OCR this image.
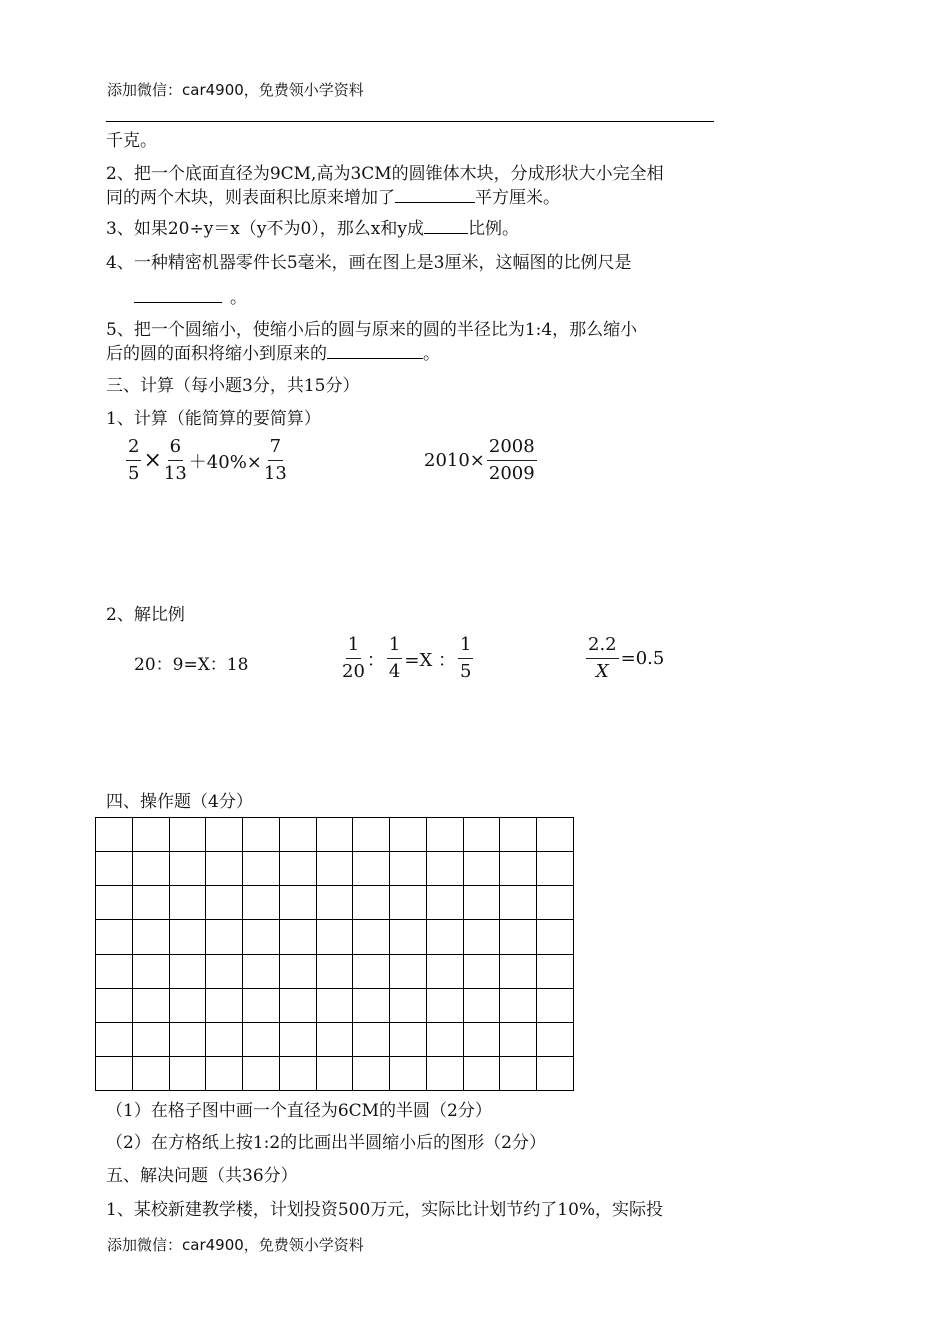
添加微信：car4900，免费领小学资料
千克。
2、把一个底面直径为9CM,高为3CM的圆锥体木块，分成形状大小完全相
同的两个木块，则表面积比原来增加了	平方厘米。
3、如果20÷y＝x（y不为0），那么x和y成	比例。
4、一种精密机器零件长5毫米，画在图上是3厘米，这幅图的比例尺是
。
5、把一个圆缩小，使缩小后的圆与原来的圆的半径比为1:4，那么缩小
后的圆的面积将缩小到原来的	。
三、计算（每小题3分，共15分）
1、计算（能简算的要简算）
$\frac{2}{5} \times \frac{6}{13} +40\%\times \frac{7}{13}$	$2010\times \frac{2008}{2009}$
2、解比例
20：9=X：18	$\frac{1}{20}$ ： $\frac{1}{4} =X$ ： $\frac{1}{5}$	$\frac{2.2}{X} =0.5$
四、操作题（4分）
（1）在格子图中画一个直径为6CM的半圆（2分）
（2）在方格纸上按1:2的比画出半圆缩小后的图形（2分）
五、解决问题（共36分）
1、某校新建教学楼，计划投资500万元，实际比计划节约了10%，实际投
添加微信：car4900，免费领小学资料
